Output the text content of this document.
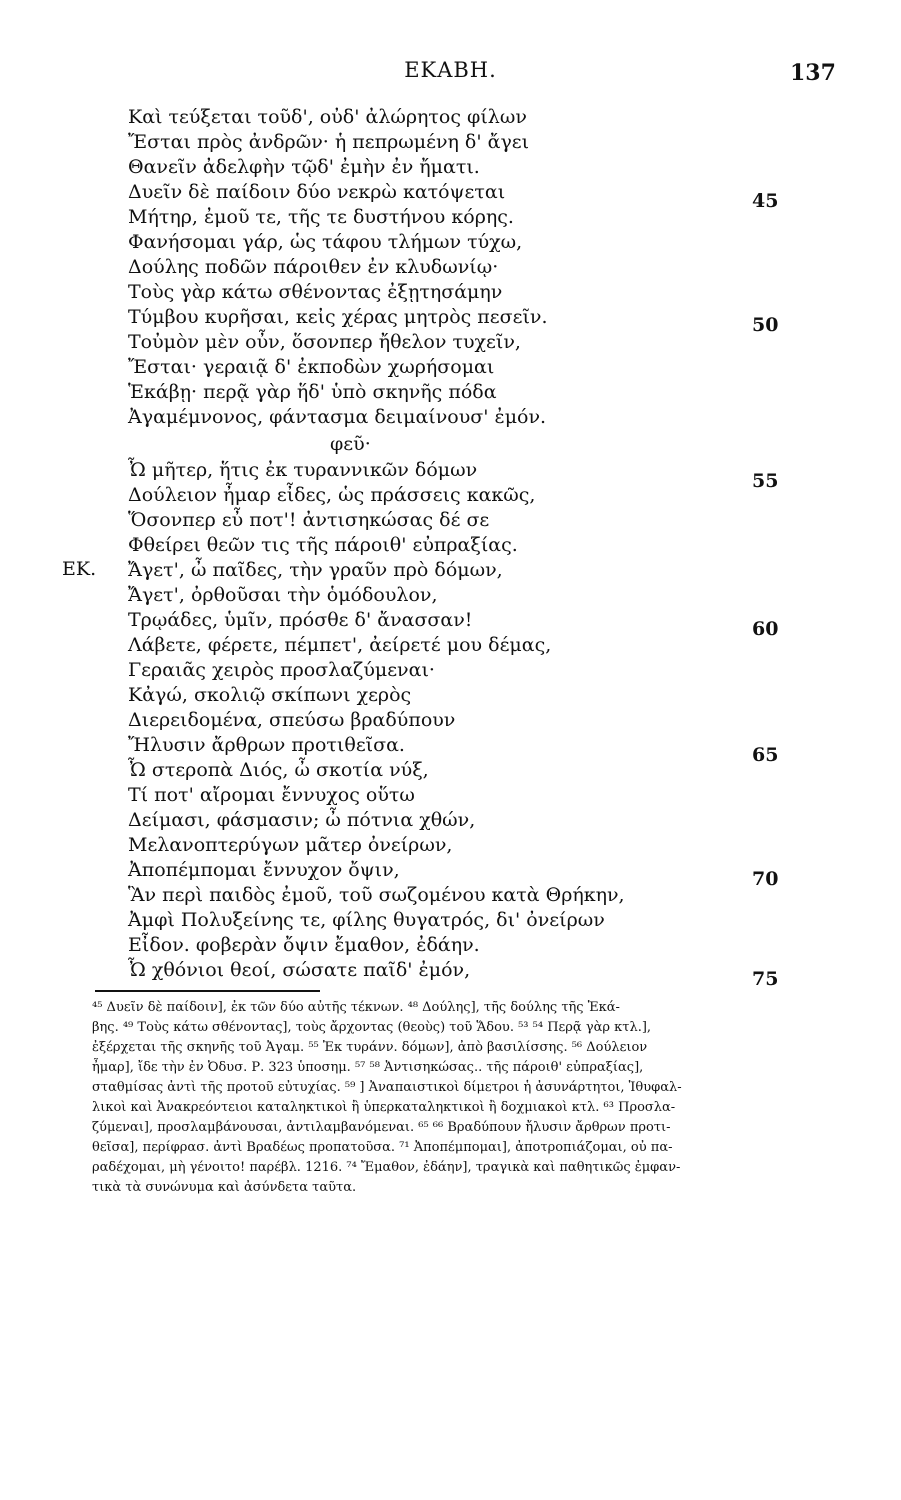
ΕΚΑΒΗ.	137
Καὶ τεύξεται τοῦδ', οὐδ' ἀλώρητος φίλων
Ἔσται πρὸς ἀνδρῶν· ἡ πεπρωμένη δ' ἄγει
Θανεῖν ἀδελφὴν τῷδ' ἐμὴν ἐν ἤματι.
Δυεῖν δὲ παίδοιν δύο νεκρὼ κατόψεται
Μήτηρ, ἐμοῦ τε, τῆς τε δυστήνου κόρης.
Φανήσομαι γάρ, ὡς τάφου τλήμων τύχω,
Δούλης ποδῶν πάροιθεν ἐν κλυδωνίῳ·
Τοὺς γὰρ κάτω σθένοντας ἐξῃτησάμην
Τύμβου κυρῆσαι, κεἰς χέρας μητρὸς πεσεῖν.
Τοὐμὸν μὲν οὖν, ὅσονπερ ἤθελον τυχεῖν,
Ἔσται· γεραιᾷ δ' ἐκποδὼν χωρήσομαι
Ἑκάβῃ· περᾷ γὰρ ἥδ' ὑπὸ σκηνῆς πόδα
Ἀγαμέμνονος, φάντασμα δειμαίνουσ' ἐμόν.
φεῦ·
Ὦ μῆτερ, ἥτις ἐκ τυραννικῶν δόμων
Δούλειον ἦμαρ εἶδες, ὡς πράσσεις κακῶς,
Ὅσονπερ εὖ ποτ'! ἀντισηκώσας δέ σε
Φθείρει θεῶν τις τῆς πάροιθ' εὐπραξίας.
Ἄγετ', ὦ παῖδες, τὴν γραῦν πρὸ δόμων,
Ἄγετ', ὀρθοῦσαι τὴν ὁμόδουλον,
Τρῳάδες, ὑμῖν, πρόσθε δ' ἄνασσαν!
Λάβετε, φέρετε, πέμπετ', ἀείρετέ μου δέμας,
Γεραιᾶς χειρὸς προσλαζύμεναι·
Κἀγώ, σκολιῷ σκίπωνι χερὸς
Διερειδομένα, σπεύσω βραδύπουν
Ἤλυσιν ἄρθρων προτιθεῖσα.
Ὦ στεροπὰ Διός, ὦ σκοτία νύξ,
Τί ποτ' αἴρομαι ἔννυχος οὕτω
Δείμασι, φάσμασιν; ὦ πότνια χθών,
Μελανοπτερύγων μᾶτερ ὀνείρων,
Ἀποπέμπομαι ἔννυχον ὄψιν,
Ἃν περὶ παιδὸς ἐμοῦ, τοῦ σωζομένου κατὰ Θρήκην,
Ἀμφὶ Πολυξείνης τε, φίλης θυγατρός, δι' ὀνείρων
Εἶδον. φοβερὰν ὄψιν ἔμαθον, ἐδάην.
Ὦ χθόνιοι θεοί, σώσατε παῖδ' ἐμόν,
ΕΚ.
45
50
55
60
65
70
75
⁴⁵ Δυεῖν δὲ παίδοιν], ἐκ τῶν δύο αὐτῆς τέκνων. ⁴⁸ Δούλης], τῆς δούλης τῆς Ἑκά-
βης. ⁴⁹ Τοὺς κάτω σθένοντας], τοὺς ἄρχοντας (θεοὺς) τοῦ Ἅδου. ⁵³ ⁵⁴ Περᾷ γὰρ κτλ.],
ἐξέρχεται τῆς σκηνῆς τοῦ Ἀγαμ. ⁵⁵ Ἐκ τυράνν. δόμων], ἀπὸ βασιλίσσης. ⁵⁶ Δούλειον
ἦμαρ], ἴδε τὴν ἐν Ὀδυσ. Ρ. 323 ὑποσημ. ⁵⁷ ⁵⁸ Ἀντισηκώσας.. τῆς πάροιθ' εὐπραξίας],
σταθμίσας ἀντὶ τῆς προτοῦ εὐτυχίας. ⁵⁹ ] Ἀναπαιστικοὶ δίμετροι ἡ ἀσυνάρτητοι, Ἰθυφαλ-
λικοὶ καὶ Ἀνακρεόντειοι καταληκτικοὶ ἢ ὑπερκαταληκτικοὶ ἢ δοχμιακοὶ κτλ. ⁶³ Προσλα-
ζύμεναι], προσλαμβάνουσαι, ἀντιλαμβανόμεναι. ⁶⁵ ⁶⁶ Βραδύπουν ἤλυσιν ἄρθρων προτι-
θεῖσα], περίφρασ. ἀντὶ Βραδέως προπατοῦσα. ⁷¹ Ἀποπέμπομαι], ἀποτροπιάζομαι, οὐ πα-
ραδέχομαι, μὴ γένοιτο! παρέβλ. 1216. ⁷⁴ Ἔμαθον, ἐδάην], τραγικὰ καὶ παθητικῶς ἐμφαν-
τικὰ τὰ συνώνυμα καὶ ἀσύνδετα ταῦτα.
